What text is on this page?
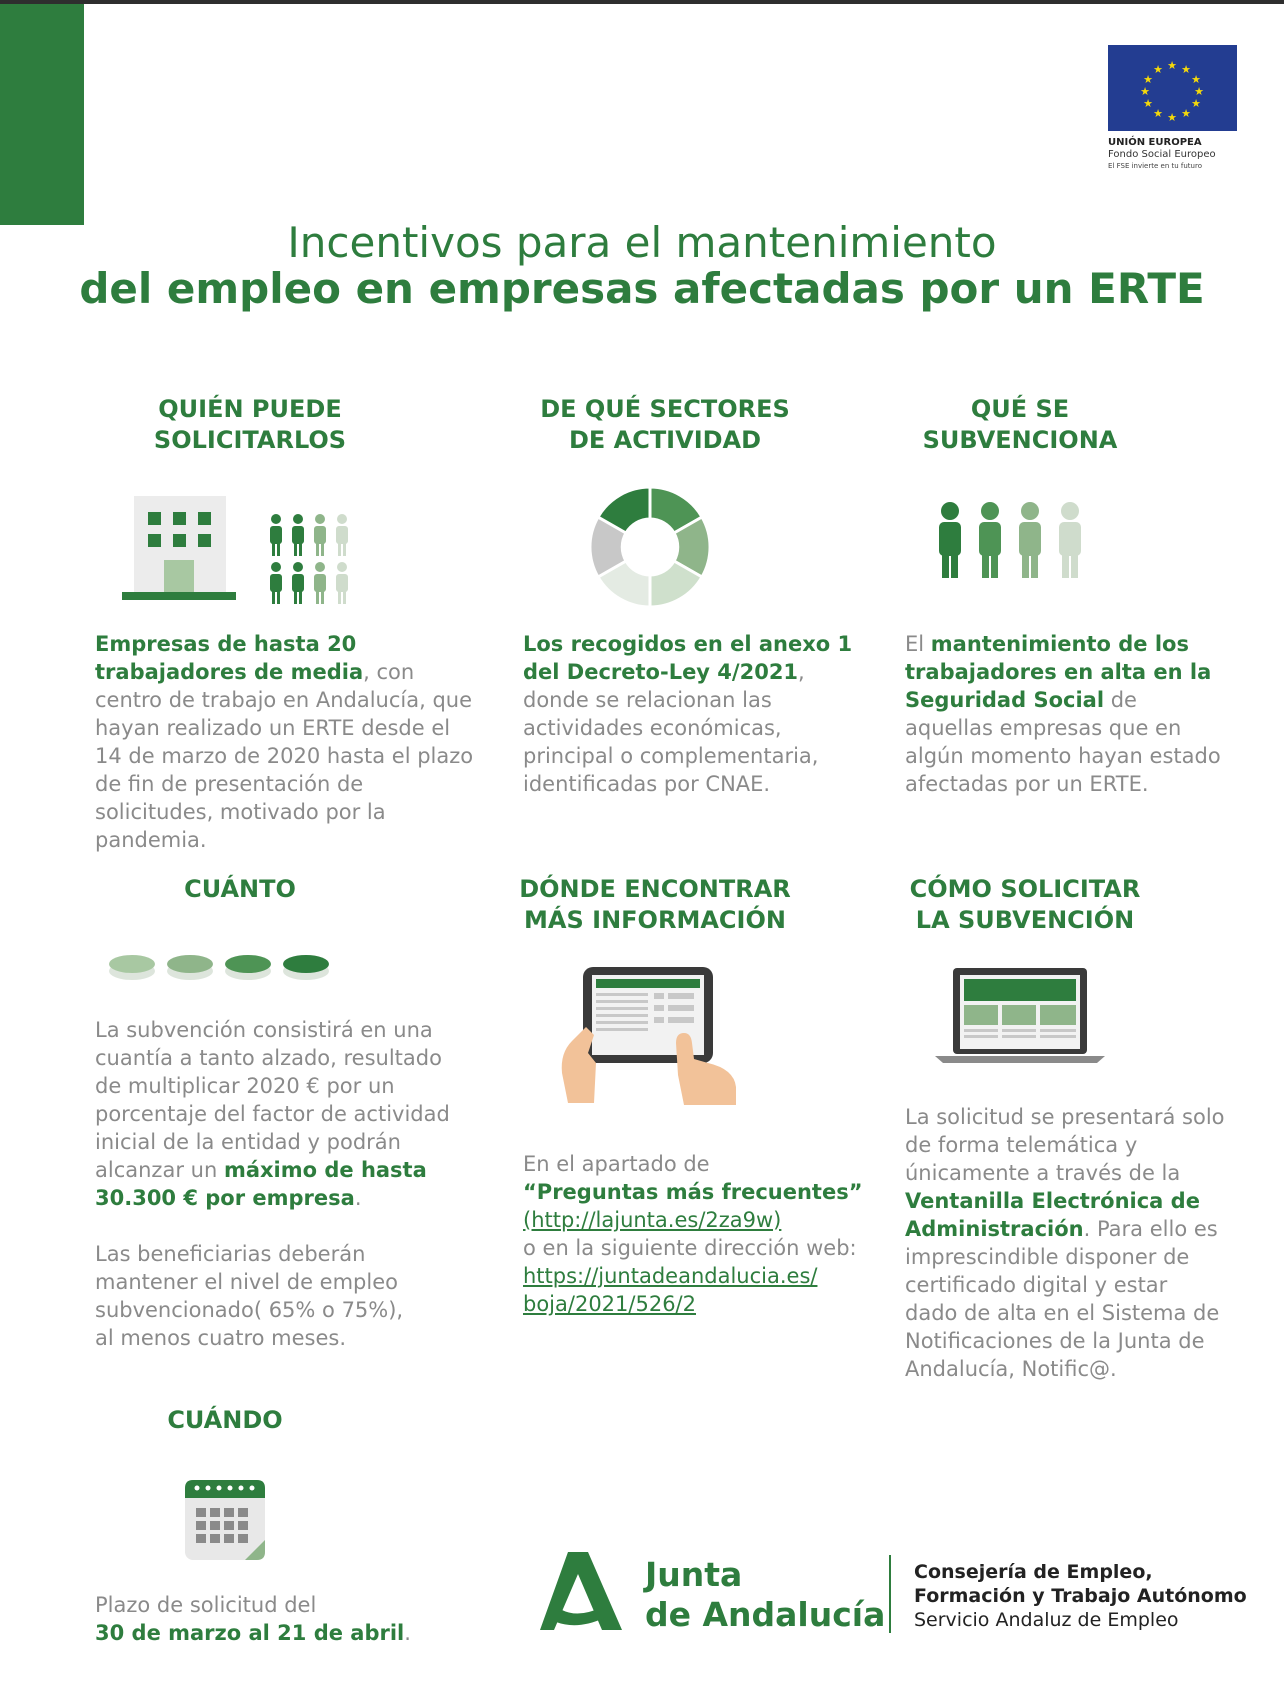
★ ★
★
★
★
★
★
★
★
★
★
★
UNIÓN EUROPEA
Fondo Social Europeo
El FSE invierte en tu futuro
Incentivos para el mantenimiento
del empleo en empresas afectadas por un ERTE
QUIÉN PUEDE
SOLICITARLOS

Empresas de hasta 20 trabajadores de media, con centro de trabajo en Andalucía, que hayan realizado un ERTE desde el 14 de marzo de 2020 hasta el plazo de fin de presentación de solicitudes, motivado por la pandemia.

DE QUÉ SECTORES
DE ACTIVIDAD

Los recogidos en el anexo 1 del Decreto-Ley 4/2021, donde se relacionan las actividades económicas, principal o complementaria, identificadas por CNAE.

QUÉ SE
SUBVENCIONA

El mantenimiento de los trabajadores en alta en la Seguridad Social de aquellas empresas que en algún momento hayan estado afectadas por un ERTE.

CUÁNTO

La subvención consistirá en una cuantía a tanto alzado, resultado de multiplicar 2020 € por un porcentaje del factor de actividad inicial de la entidad y podrán alcanzar un máximo de hasta 30.300 € por empresa.

Las beneficiarias deberán mantener el nivel de empleo subvencionado( 65% o 75%), al menos cuatro meses.

DÓNDE ENCONTRAR
MÁS INFORMACIÓN

En el apartado de
“Preguntas más frecuentes”
(http://lajunta.es/2za9w)
o en la siguiente dirección web:
https://juntadeandalucia.es/
boja/2021/526/2

CÓMO SOLICITAR
LA SUBVENCIÓN

La solicitud se presentará solo de forma telemática y únicamente a través de la Ventanilla Electrónica de Administración. Para ello es imprescindible disponer de certificado digital y estar dado de alta en el Sistema de Notificaciones de la Junta de Andalucía, Notific@.

CUÁNDO

Plazo de solicitud del
30 de marzo al 21 de abril.

Junta
de Andalucía
Consejería de Empleo,
Formación y Trabajo Autónomo
Servicio Andaluz de Empleo
